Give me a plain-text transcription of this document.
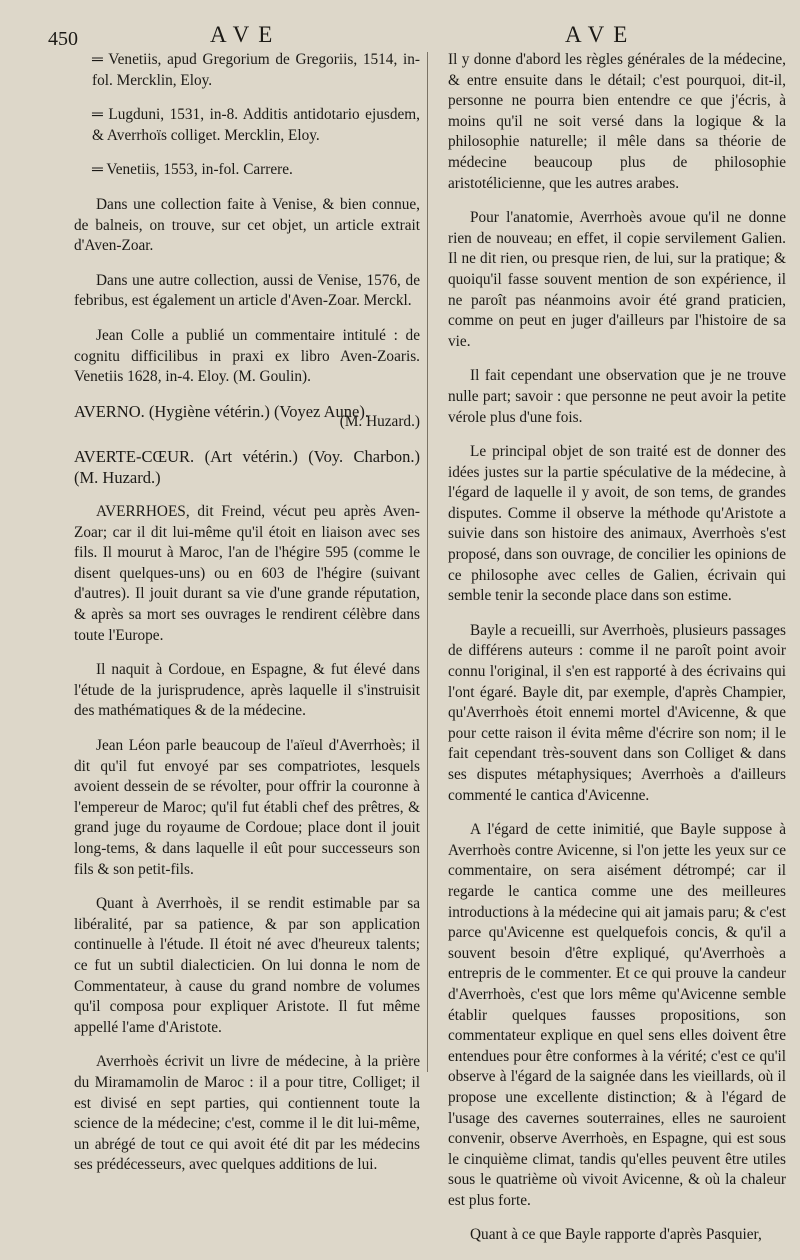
450	AVE	AVE

═ Venetiis, apud Gregorium de Gregoriis, 1514, in-fol. Mercklin, Eloy.

═ Lugduni, 1531, in-8. Additis antidotario ejusdem, & Averrhoïs colliget. Mercklin, Eloy.

═ Venetiis, 1553, in-fol. Carrere.

Dans une collection faite à Venise, & bien connue, de balneis, on trouve, sur cet objet, un article extrait d'Aven-Zoar.

Dans une autre collection, aussi de Venise, 1576, de febribus, est également un article d'Aven-Zoar. Merckl.

Jean Colle a publié un commentaire intitulé : de cognitu difficilibus in praxi ex libro Aven-Zoaris. Venetiis 1628, in-4. Eloy. (M. Goulin).

AVERNO. (Hygiène vétérin.) (Voyez Aune).

(M. Huzard.)

AVERTE-CŒUR. (Art vétérin.) (Voy. Charbon.) (M. Huzard.)

AVERRHOES, dit Freind, vécut peu après Aven-Zoar; car il dit lui-même qu'il étoit en liaison avec ses fils. Il mourut à Maroc, l'an de l'hégire 595 (comme le disent quelques-uns) ou en 603 de l'hégire (suivant d'autres). Il jouit durant sa vie d'une grande réputation, & après sa mort ses ouvrages le rendirent célèbre dans toute l'Europe.

Il naquit à Cordoue, en Espagne, & fut élevé dans l'étude de la jurisprudence, après laquelle il s'instruisit des mathématiques & de la médecine.

Jean Léon parle beaucoup de l'aïeul d'Averrhoès; il dit qu'il fut envoyé par ses compatriotes, lesquels avoient dessein de se révolter, pour offrir la couronne à l'empereur de Maroc; qu'il fut établi chef des prêtres, & grand juge du royaume de Cordoue; place dont il jouit long-tems, & dans laquelle il eût pour successeurs son fils & son petit-fils.

Quant à Averrhoès, il se rendit estimable par sa libéralité, par sa patience, & par son application continuelle à l'étude. Il étoit né avec d'heureux talents; ce fut un subtil dialecticien. On lui donna le nom de Commentateur, à cause du grand nombre de volumes qu'il composa pour expliquer Aristote. Il fut même appellé l'ame d'Aristote.

Averrhoès écrivit un livre de médecine, à la prière du Miramamolin de Maroc : il a pour titre, Colliget; il est divisé en sept parties, qui contiennent toute la science de la médecine; c'est, comme il le dit lui-même, un abrégé de tout ce qui avoit été dit par les médecins ses prédécesseurs, avec quelques additions de lui.

Il y donne d'abord les règles générales de la médecine, & entre ensuite dans le détail; c'est pourquoi, dit-il, personne ne pourra bien entendre ce que j'écris, à moins qu'il ne soit versé dans la logique & la philosophie naturelle; il mêle dans sa théorie de médecine beaucoup plus de philosophie aristotélicienne, que les autres arabes.

Pour l'anatomie, Averrhoès avoue qu'il ne donne rien de nouveau; en effet, il copie servilement Galien. Il ne dit rien, ou presque rien, de lui, sur la pratique; & quoiqu'il fasse souvent mention de son expérience, il ne paroît pas néanmoins avoir été grand praticien, comme on peut en juger d'ailleurs par l'histoire de sa vie.

Il fait cependant une observation que je ne trouve nulle part; savoir : que personne ne peut avoir la petite vérole plus d'une fois.

Le principal objet de son traité est de donner des idées justes sur la partie spéculative de la médecine, à l'égard de laquelle il y avoit, de son tems, de grandes disputes. Comme il observe la méthode qu'Aristote a suivie dans son histoire des animaux, Averrhoès s'est proposé, dans son ouvrage, de concilier les opinions de ce philosophe avec celles de Galien, écrivain qui semble tenir la seconde place dans son estime.

Bayle a recueilli, sur Averrhoès, plusieurs passages de différens auteurs : comme il ne paroît point avoir connu l'original, il s'en est rapporté à des écrivains qui l'ont égaré. Bayle dit, par exemple, d'après Champier, qu'Averrhoès étoit ennemi mortel d'Avicenne, & que pour cette raison il évita même d'écrire son nom; il le fait cependant très-souvent dans son Colliget & dans ses disputes métaphysiques; Averrhoès a d'ailleurs commenté le cantica d'Avicenne.

A l'égard de cette inimitié, que Bayle suppose à Averrhoès contre Avicenne, si l'on jette les yeux sur ce commentaire, on sera aisément détrompé; car il regarde le cantica comme une des meilleures introductions à la médecine qui ait jamais paru; & c'est parce qu'Avicenne est quelquefois concis, & qu'il a souvent besoin d'être expliqué, qu'Averrhoès a entrepris de le commenter. Et ce qui prouve la candeur d'Averrhoès, c'est que lors même qu'Avicenne semble établir quelques fausses propositions, son commentateur explique en quel sens elles doivent être entendues pour être conformes à la vérité; c'est ce qu'il observe à l'égard de la saignée dans les vieillards, où il propose une excellente distinction; & à l'égard de l'usage des cavernes souterraines, elles ne sauroient convenir, observe Averrhoès, en Espagne, qui est sous le cinquième climat, tandis qu'elles peuvent être utiles sous le quatrième où vivoit Avicenne, & où la chaleur est plus forte.

Quant à ce que Bayle rapporte d'après Pasquier,
